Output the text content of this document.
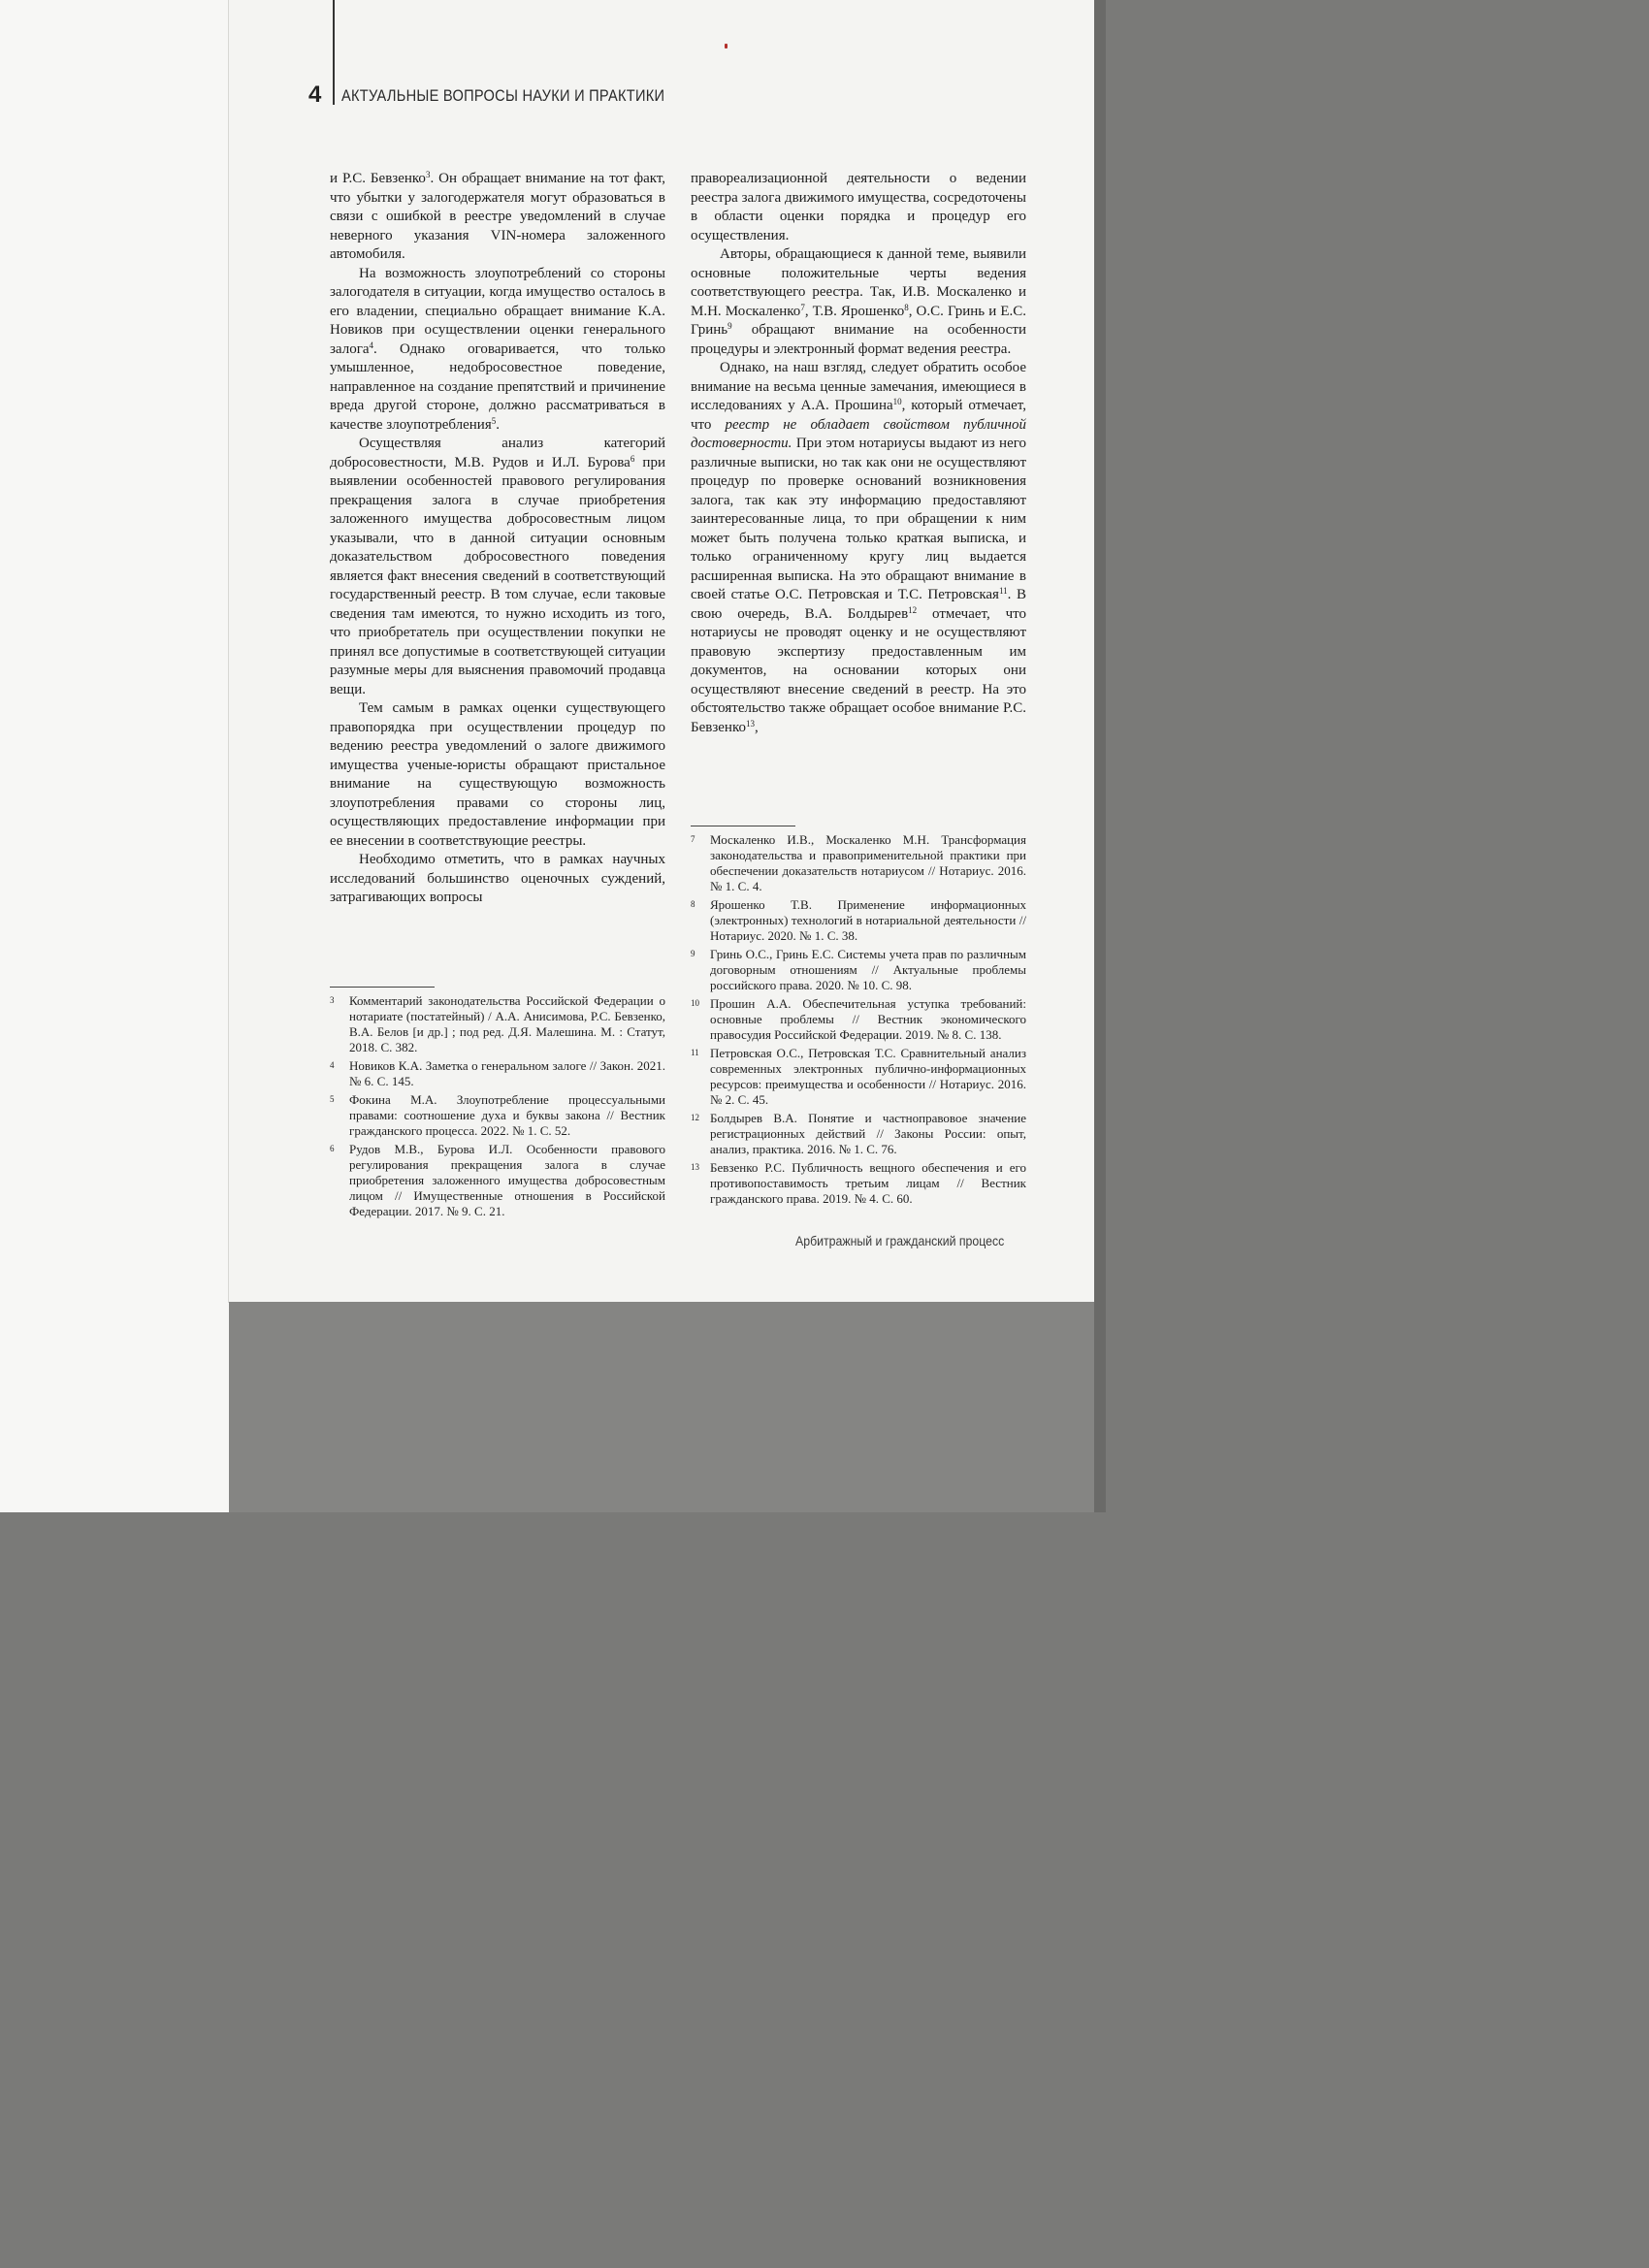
4 АКТУАЛЬНЫЕ ВОПРОСЫ НАУКИ И ПРАКТИКИ

и Р.С. Бевзенко$^3$. Он обращает внимание на тот факт, что убытки у залогодержателя могут образоваться в связи с ошибкой в реестре уведомлений в случае неверного указания VIN-номера заложенного автомобиля.

На возможность злоупотреблений со стороны залогодателя в ситуации, когда имущество осталось в его владении, специально обращает внимание К.А. Новиков при осуществлении оценки генерального залога$^4$. Однако оговаривается, что только умышленное, недобросовестное поведение, направленное на создание препятствий и причинение вреда другой стороне, должно рассматриваться в качестве злоупотребления$^5$.

Осуществляя анализ категорий добросовестности, М.В. Рудов и И.Л. Бурова$^6$ при выявлении особенностей правового регулирования прекращения залога в случае приобретения заложенного имущества добросовестным лицом указывали, что в данной ситуации основным доказательством добросовестного поведения является факт внесения сведений в соответствующий государственный реестр. В том случае, если таковые сведения там имеются, то нужно исходить из того, что приобретатель при осуществлении покупки не принял все допустимые в соответствующей ситуации разумные меры для выяснения правомочий продавца вещи.

Тем самым в рамках оценки существующего правопорядка при осуществлении процедур по ведению реестра уведомлений о залоге движимого имущества ученые-юристы обращают пристальное внимание на существующую возможность злоупотребления правами со стороны лиц, осуществляющих предоставление информации при ее внесении в соответствующие реестры.

Необходимо отметить, что в рамках научных исследований большинство оценочных суждений, затрагивающих вопросы

правореализационной деятельности о ведении реестра залога движимого имущества, сосредоточены в области оценки порядка и процедур его осуществления.

Авторы, обращающиеся к данной теме, выявили основные положительные черты ведения соответствующего реестра. Так, И.В. Москаленко и М.Н. Москаленко$^7$, Т.В. Ярошенко$^8$, О.С. Гринь и Е.С. Гринь$^9$ обращают внимание на особенности процедуры и электронный формат ведения реестра.

Однако, на наш взгляд, следует обратить особое внимание на весьма ценные замечания, имеющиеся в исследованиях у А.А. Прошина$^{10}$, который отмечает, что реестр не обладает свойством публичной достоверности. При этом нотариусы выдают из него различные выписки, но так как они не осуществляют процедур по проверке оснований возникновения залога, так как эту информацию предоставляют заинтересованные лица, то при обращении к ним может быть получена только краткая выписка, и только ограниченному кругу лиц выдается расширенная выписка. На это обращают внимание в своей статье О.С. Петровская и Т.С. Петровская$^{11}$. В свою очередь, В.А. Болдырев$^{12}$ отмечает, что нотариусы не проводят оценку и не осуществляют правовую экспертизу предоставленным им документов, на основании которых они осуществляют внесение сведений в реестр. На это обстоятельство также обращает особое внимание Р.С. Бевзенко$^{13}$,

3	Комментарий законодательства Российской Федерации о нотариате (постатейный) / А.А. Анисимова, Р.С. Бевзенко, В.А. Белов [и др.] ; под ред. Д.Я. Малешина. М. : Статут, 2018. С. 382.
4	Новиков К.А. Заметка о генеральном залоге // Закон. 2021. № 6. С. 145.
5	Фокина М.А. Злоупотребление процессуальными правами: соотношение духа и буквы закона // Вестник гражданского процесса. 2022. № 1. С. 52.
6	Рудов М.В., Бурова И.Л. Особенности правового регулирования прекращения залога в случае приобретения заложенного имущества добросовестным лицом // Имущественные отношения в Российской Федерации. 2017. № 9. С. 21.
7	Москаленко И.В., Москаленко М.Н. Трансформация законодательства и правоприменительной практики при обеспечении доказательств нотариусом // Нотариус. 2016. № 1. С. 4.
8	Ярошенко Т.В. Применение информационных (электронных) технологий в нотариальной деятельности // Нотариус. 2020. № 1. С. 38.
9	Гринь О.С., Гринь Е.С. Системы учета прав по различным договорным отношениям // Актуальные проблемы российского права. 2020. № 10. С. 98.
10 Прошин А.А. Обеспечительная уступка требований: основные проблемы // Вестник экономического правосудия Российской Федерации. 2019. № 8. С. 138.
11 Петровская О.С., Петровская Т.С. Сравнительный анализ современных электронных публично-информационных ресурсов: преимущества и особенности // Нотариус. 2016. № 2. С. 45.
12 Болдырев В.А. Понятие и частноправовое значение регистрационных действий // Законы России: опыт, анализ, практика. 2016. № 1. С. 76.
13 Бевзенко Р.С. Публичность вещного обеспечения и его противопоставимость третьим лицам // Вестник гражданского права. 2019. № 4. С. 60.
Арбитражный и гражданский процесс
